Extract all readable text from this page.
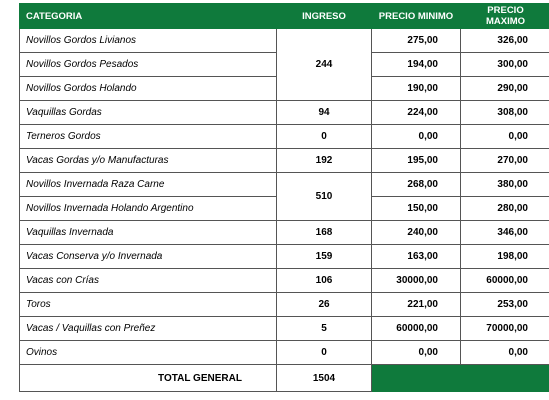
CATEGORIA	INGRESO	PRECIO MINIMO	PRECIO MAXIMO
Novillos Gordos Livianos	244	275,00	326,00
Novillos Gordos Pesados		194,00	300,00
Novillos Gordos Holando		190,00	290,00
Vaquillas Gordas	94	224,00	308,00
Terneros Gordos	0	0,00	0,00
Vacas Gordas y/o Manufacturas	192	195,00	270,00
Novillos Invernada Raza Carne	510	268,00	380,00
Novillos Invernada Holando Argentino		150,00	280,00
Vaquillas Invernada	168	240,00	346,00
Vacas Conserva y/o Invernada	159	163,00	198,00
Vacas con Crías	106	30000,00	60000,00
Toros	26	221,00	253,00
Vacas / Vaquillas con Preñez	5	60000,00	70000,00
Ovinos	0	0,00	0,00
TOTAL GENERAL	1504		
